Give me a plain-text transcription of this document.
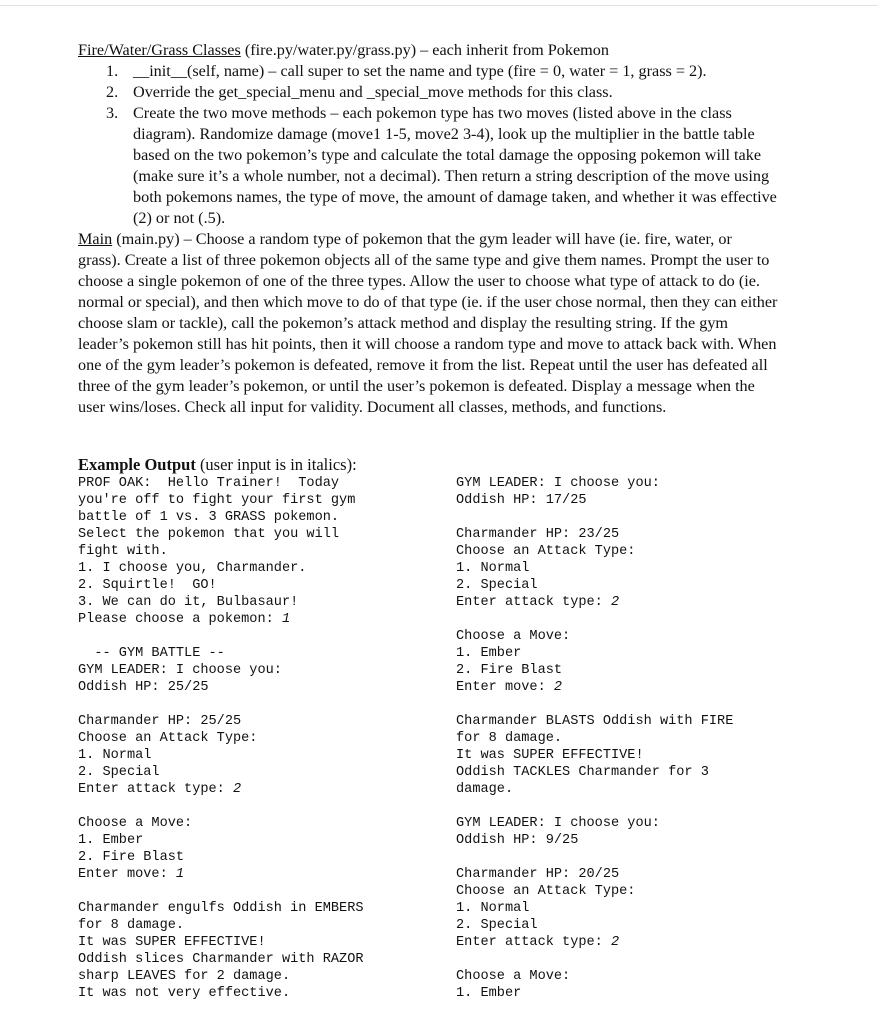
Fire/Water/Grass Classes (fire.py/water.py/grass.py) – each inherit from Pokemon

__init__(self, name) – call super to set the name and type (fire = 0, water = 1, grass = 2).
Override the get_special_menu and _special_move methods for this class.
Create the two move methods – each pokemon type has two moves (listed above in the class diagram). Randomize damage (move1 1-5, move2 3-4), look up the multiplier in the battle table based on the two pokemon’s type and calculate the total damage the opposing pokemon will take (make sure it’s a whole number, not a decimal). Then return a string description of the move using both pokemons names, the type of move, the amount of damage taken, and whether it was effective (2) or not (.5).

Main (main.py) – Choose a random type of pokemon that the gym leader will have (ie. fire, water, or grass). Create a list of three pokemon objects all of the same type and give them names. Prompt the user to choose a single pokemon of one of the three types. Allow the user to choose what type of attack to do (ie. normal or special), and then which move to do of that type (ie. if the user chose normal, then they can either choose slam or tackle), call the pokemon’s attack method and display the resulting string. If the gym leader’s pokemon still has hit points, then it will choose a random type and move to attack back with. When one of the gym leader’s pokemon is defeated, remove it from the list. Repeat until the user has defeated all three of the gym leader’s pokemon, or until the user’s pokemon is defeated. Display a message when the user wins/loses. Check all input for validity. Document all classes, methods, and functions.

Example Output (user input is in italics):
PROF OAK:  Hello Trainer!  Today
you're off to fight your first gym
battle of 1 vs. 3 GRASS pokemon.
Select the pokemon that you will
fight with.
1. I choose you, Charmander.
2. Squirtle!  GO!
3. We can do it, Bulbasaur!
Please choose a pokemon: 1
-- GYM BATTLE --
GYM LEADER: I choose you:
Oddish HP: 25/25
Charmander HP: 25/25
Choose an Attack Type:
1. Normal
2. Special
Enter attack type: 2
Choose a Move:
1. Ember
2. Fire Blast
Enter move: 1
Charmander engulfs Oddish in EMBERS
for 8 damage.
It was SUPER EFFECTIVE!
Oddish slices Charmander with RAZOR
sharp LEAVES for 2 damage.
It was not very effective.
GYM LEADER: I choose you:
Oddish HP: 17/25
Charmander HP: 23/25
Choose an Attack Type:
1. Normal
2. Special
Enter attack type: 2
Choose a Move:
1. Ember
2. Fire Blast
Enter move: 2
Charmander BLASTS Oddish with FIRE
for 8 damage.
It was SUPER EFFECTIVE!
Oddish TACKLES Charmander for 3
damage.
GYM LEADER: I choose you:
Oddish HP: 9/25
Charmander HP: 20/25
Choose an Attack Type:
1. Normal
2. Special
Enter attack type: 2
Choose a Move:
1. Ember
